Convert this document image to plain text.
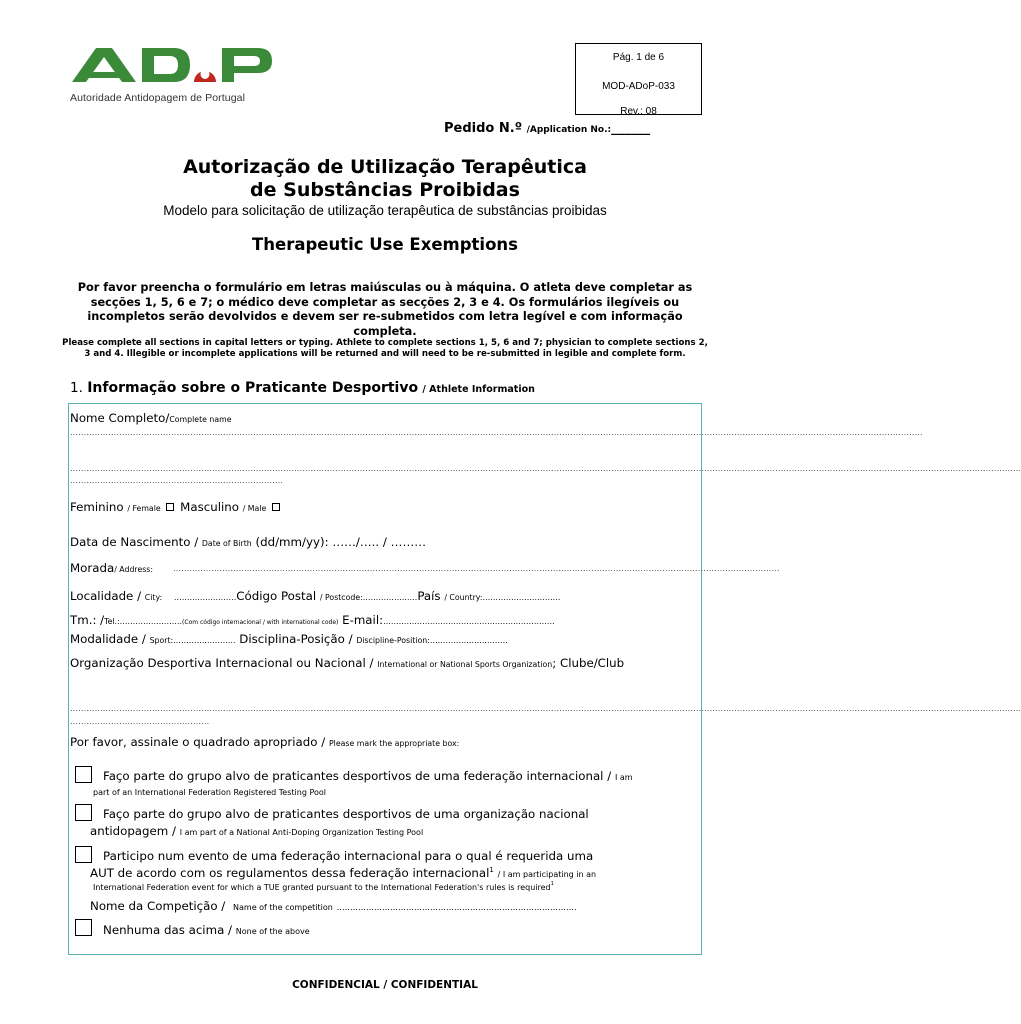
Autoridade Antidopagem de Portugal
Pág. 1 de 6
MOD-ADoP-033
Rev.: 08
Pedido N.º /Application No.:______
Autorização de Utilização Terapêutica
de Substâncias Proibidas
Modelo para solicitação de utilização terapêutica de substâncias proibidas
Therapeutic Use Exemptions
Por favor preencha o formulário em letras maiúsculas ou à máquina. O atleta deve completar as secções 1, 5, 6 e 7; o médico deve completar as secções 2, 3 e 4. Os formulários ilegíveis ou incompletos serão devolvidos e devem ser re-submetidos com letra legível e com informação completa.
Please complete all sections in capital letters or typing. Athlete to complete sections 1, 5, 6 and 7; physician to complete sections 2, 3 and 4. Illegible or incomplete applications will be returned and will need to be re-submitted in legible and complete form.
1. Informação sobre o Praticante Desportivo / Athlete Information
Nome Completo/Complete name
……………………………………………………………………………………………………………………………………………………………………………………………………………………………………………………………………………………
……………………………………………………………………………………………………………………………………………………………………………………………………………………………………………………………………………………………………………………
……………………………………………………………………
Feminino / Female Masculino / Male
Data de Nascimento / Date of Birth (dd/mm/yy): ……/….. / ………
Morada/ Address:	……………………………………………………………………………………………………………………………………………………………………………………………………
Localidade / City: ……………………Código Postal / Postcode:…………………País / Country:…………………………
Tm.: /Tel.:……………………(Com código internacional / with international code) E-mail:…………………………………………………………
Modalidade / Sport:…………………… Disciplina-Posição / Discipline-Position:…………………………
Organização Desportiva Internacional ou Nacional / International or National Sports Organization; Clube/Club
……………………………………………………………………………………………………………………………………………………………………………………………………………………………………………………………………………………………………………………
……………………………………………
Por favor, assinale o quadrado apropriado / Please mark the appropriate box:
Faço parte do grupo alvo de praticantes desportivos de uma federação internacional / I am
part of an International Federation Registered Testing Pool
Faço parte do grupo alvo de praticantes desportivos de uma organização nacional
antidopagem / I am part of a National Anti-Doping Organization Testing Pool
Participo num evento de uma federação internacional para o qual é requerida uma
AUT de acordo com os regulamentos dessa federação internacional$^1$ / I am participating in an
International Federation event for which a TUE granted pursuant to the International Federation's rules is required$^1$
Nome da Competição / Name of the competition ………………………………………………………………………………
Nenhuma das acima / None of the above
CONFIDENCIAL / CONFIDENTIAL
